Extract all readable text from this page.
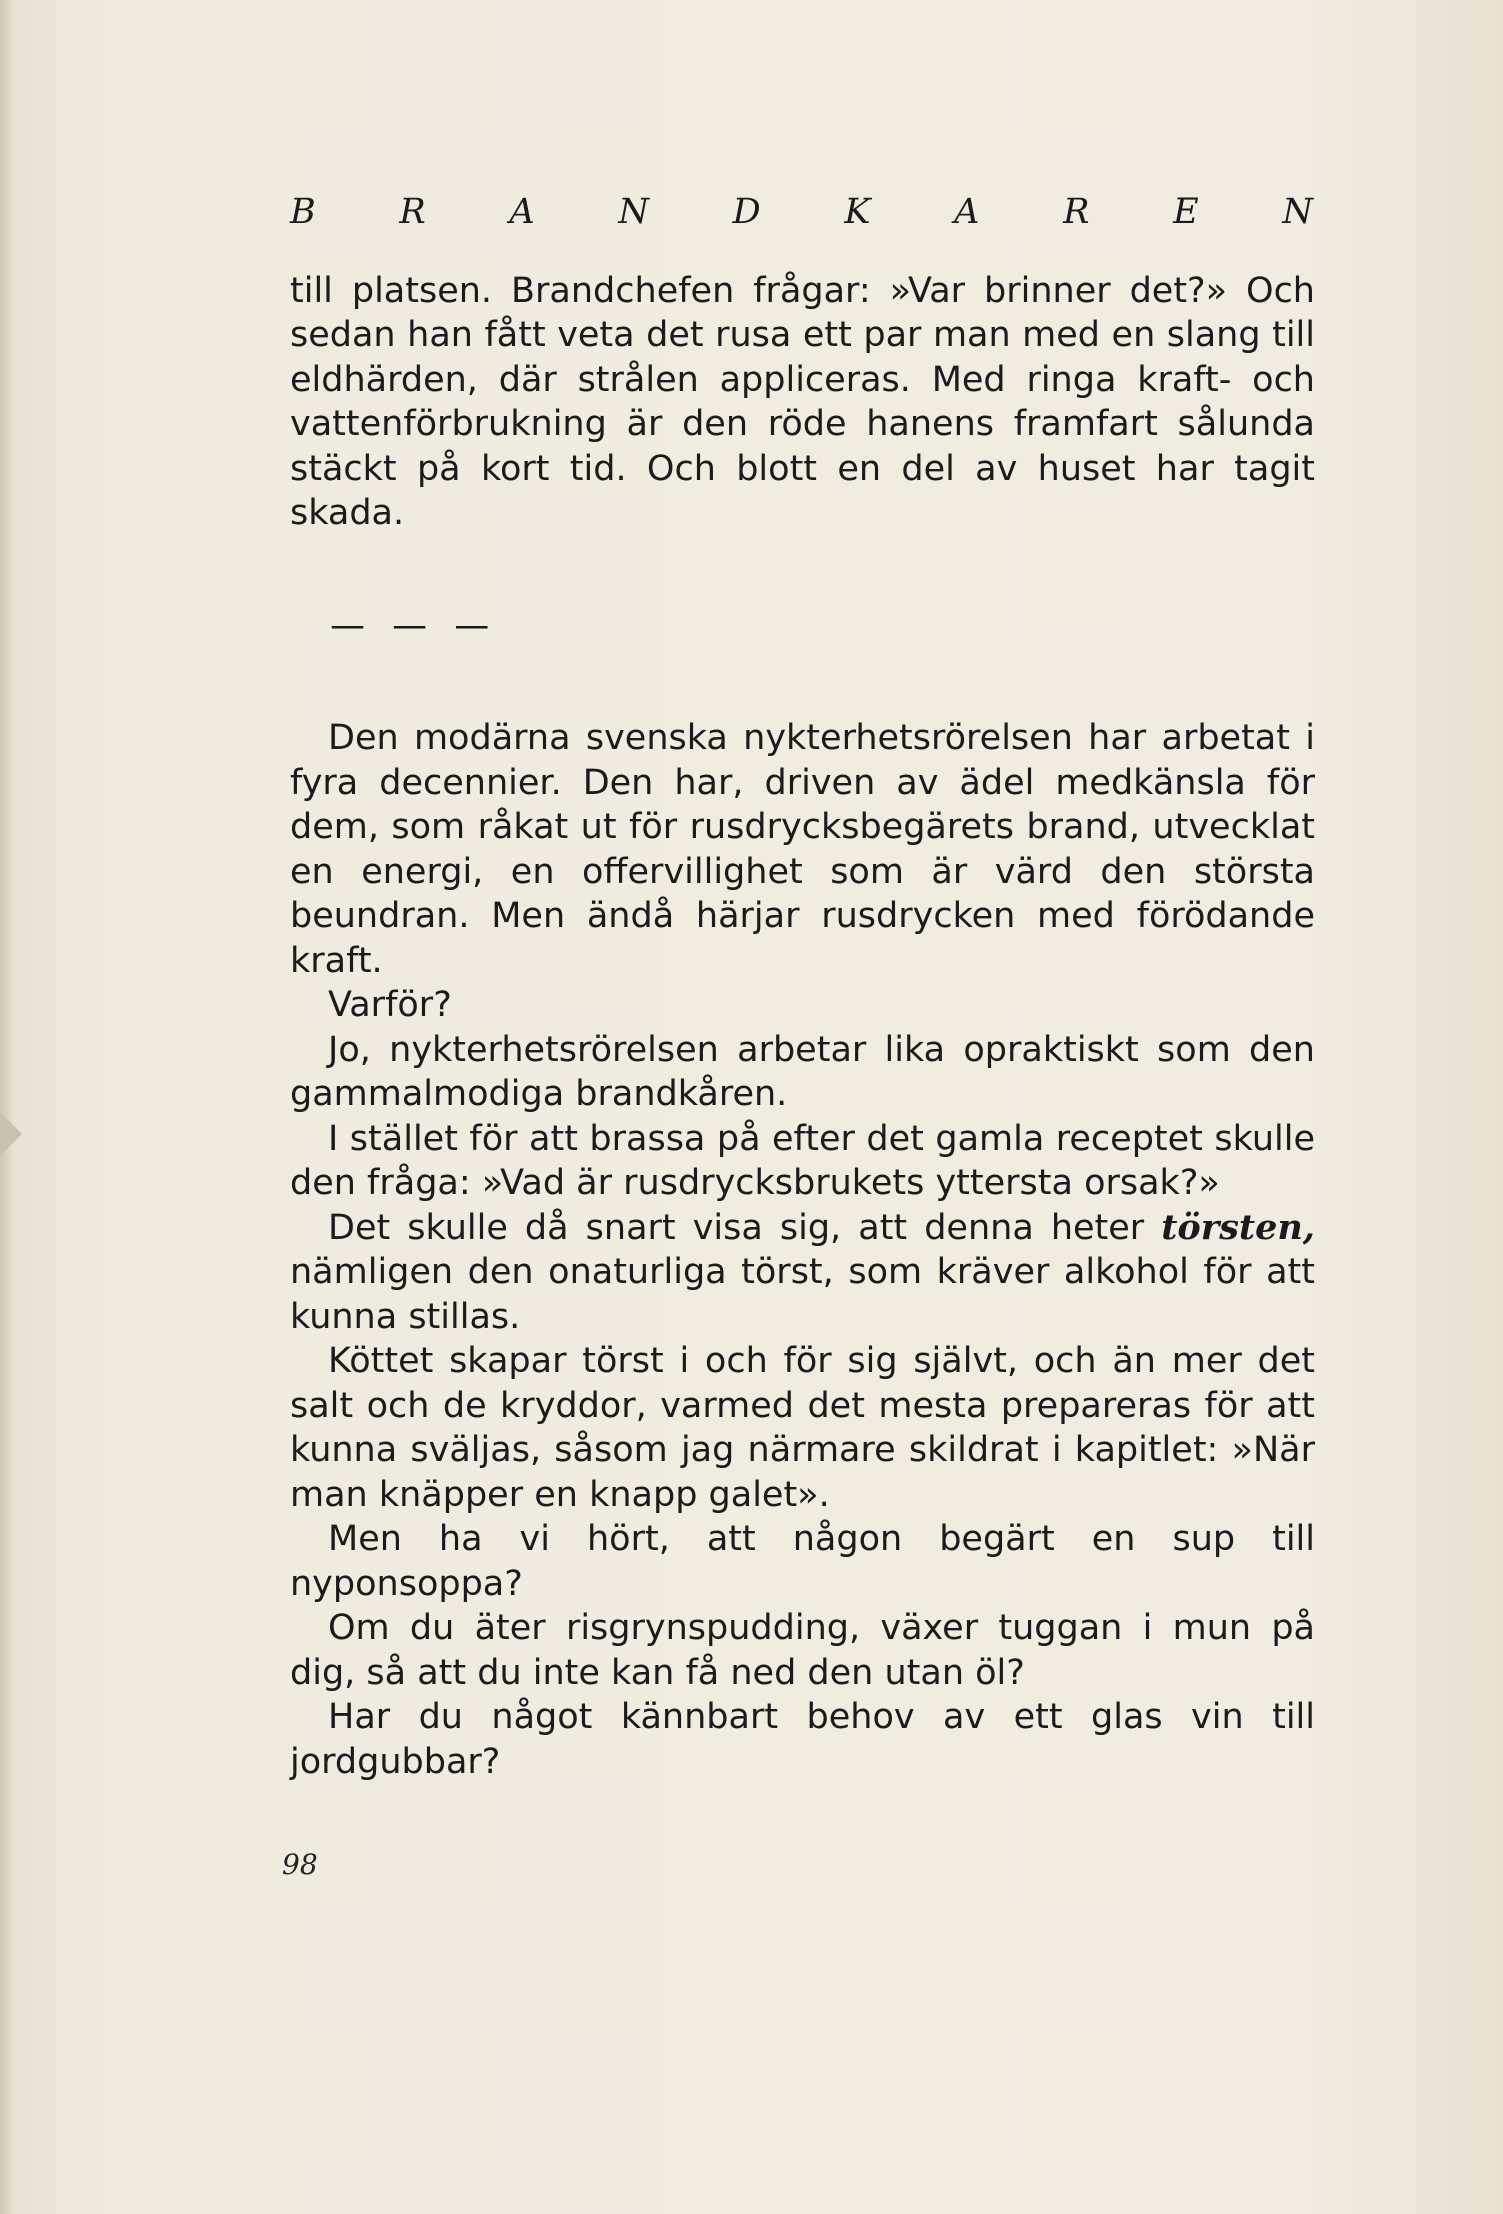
B R A N D K A R E N

till platsen. Brandchefen frågar: »Var brinner det?» Och sedan han fått veta det rusa ett par man med en slang till eldhärden, där strålen appliceras. Med ringa kraft- och vattenförbrukning är den röde hanens framfart sålunda stäckt på kort tid. Och blott en del av huset har tagit skada.

— — —

Den modärna svenska nykterhetsrörelsen har arbetat i fyra decennier. Den har, driven av ädel medkänsla för dem, som råkat ut för rusdrycksbegärets brand, utvecklat en energi, en offervillighet som är värd den största beundran. Men ändå härjar rusdrycken med förödande kraft.

Varför?

Jo, nykterhetsrörelsen arbetar lika opraktiskt som den gammalmodiga brandkåren.

I stället för att brassa på efter det gamla receptet skulle den fråga: »Vad är rusdrycksbrukets yttersta orsak?»

Det skulle då snart visa sig, att denna heter törsten, nämligen den onaturliga törst, som kräver alkohol för att kunna stillas.

Köttet skapar törst i och för sig självt, och än mer det salt och de kryddor, varmed det mesta prepareras för att kunna sväljas, såsom jag närmare skildrat i kapitlet: »När man knäpper en knapp galet».

Men ha vi hört, att någon begärt en sup till nyponsoppa?

Om du äter risgrynspudding, växer tuggan i mun på dig, så att du inte kan få ned den utan öl?

Har du något kännbart behov av ett glas vin till jordgubbar?

98
